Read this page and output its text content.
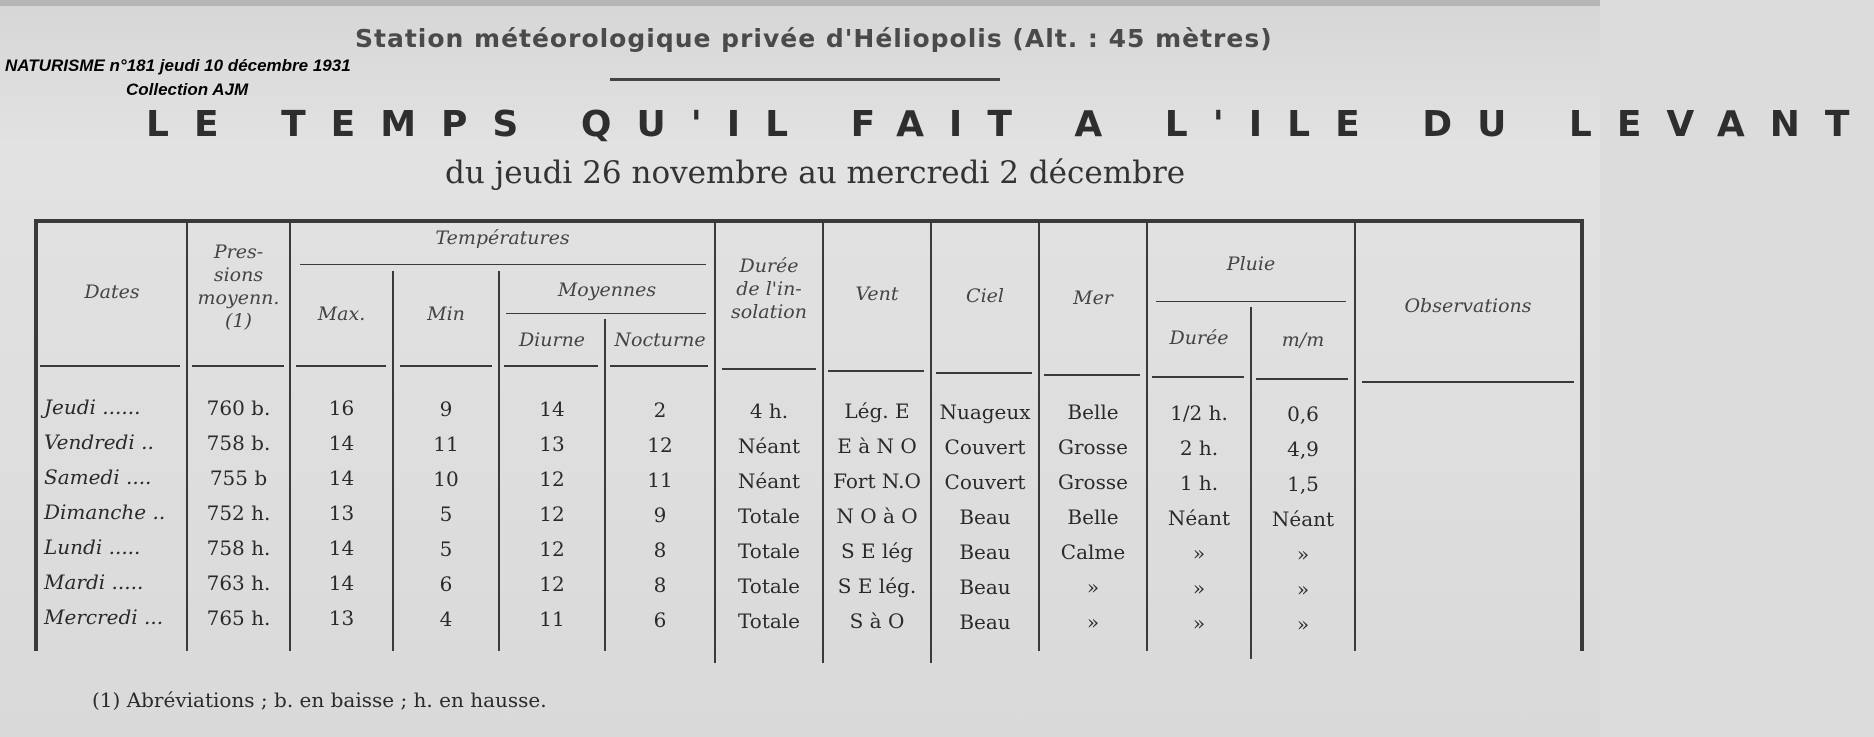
Station météorologique privée d'Héliopolis (Alt. : 45 mètres)
NATURISME n°181 jeudi 10 décembre 1931
Collection AJM
LE TEMPS QU'IL FAIT A L'ILE DU LEVANT
du jeudi 26 novembre au mercredi 2 décembre
Dates
Pres-
sions
moyenn.
(1)
Températures
Max.	Min
Moyennes
Diurne	Nocturne
Durée
de l'in-
solation
Vent	Ciel	Mer
Pluie
Durée	m/m
Observations
Jeudi ......	760 b.	16	9	14	2	4 h.	Lég. E	Nuageux	Belle	1/2 h.	0,6
Vendredi ..	758 b.	14	11	13	12	Néant	E à N O	Couvert	Grosse	2 h.	4,9
Samedi ....	755 b	14	10	12	11	Néant	Fort N.O	Couvert	Grosse	1 h.	1,5
Dimanche ..	752 h.	13	5	12	9	Totale	N O à O	Beau	Belle	Néant	Néant
Lundi .....	758 h.	14	5	12	8	Totale	S E lég	Beau	Calme	»	»
Mardi .....	763 h.	14	6	12	8	Totale	S E lég.	Beau	»	»	»
Mercredi ...	765 h.	13	4	11	6	Totale	S à O	Beau	»	»	»
(1) Abréviations ; b. en baisse ; h. en hausse.
